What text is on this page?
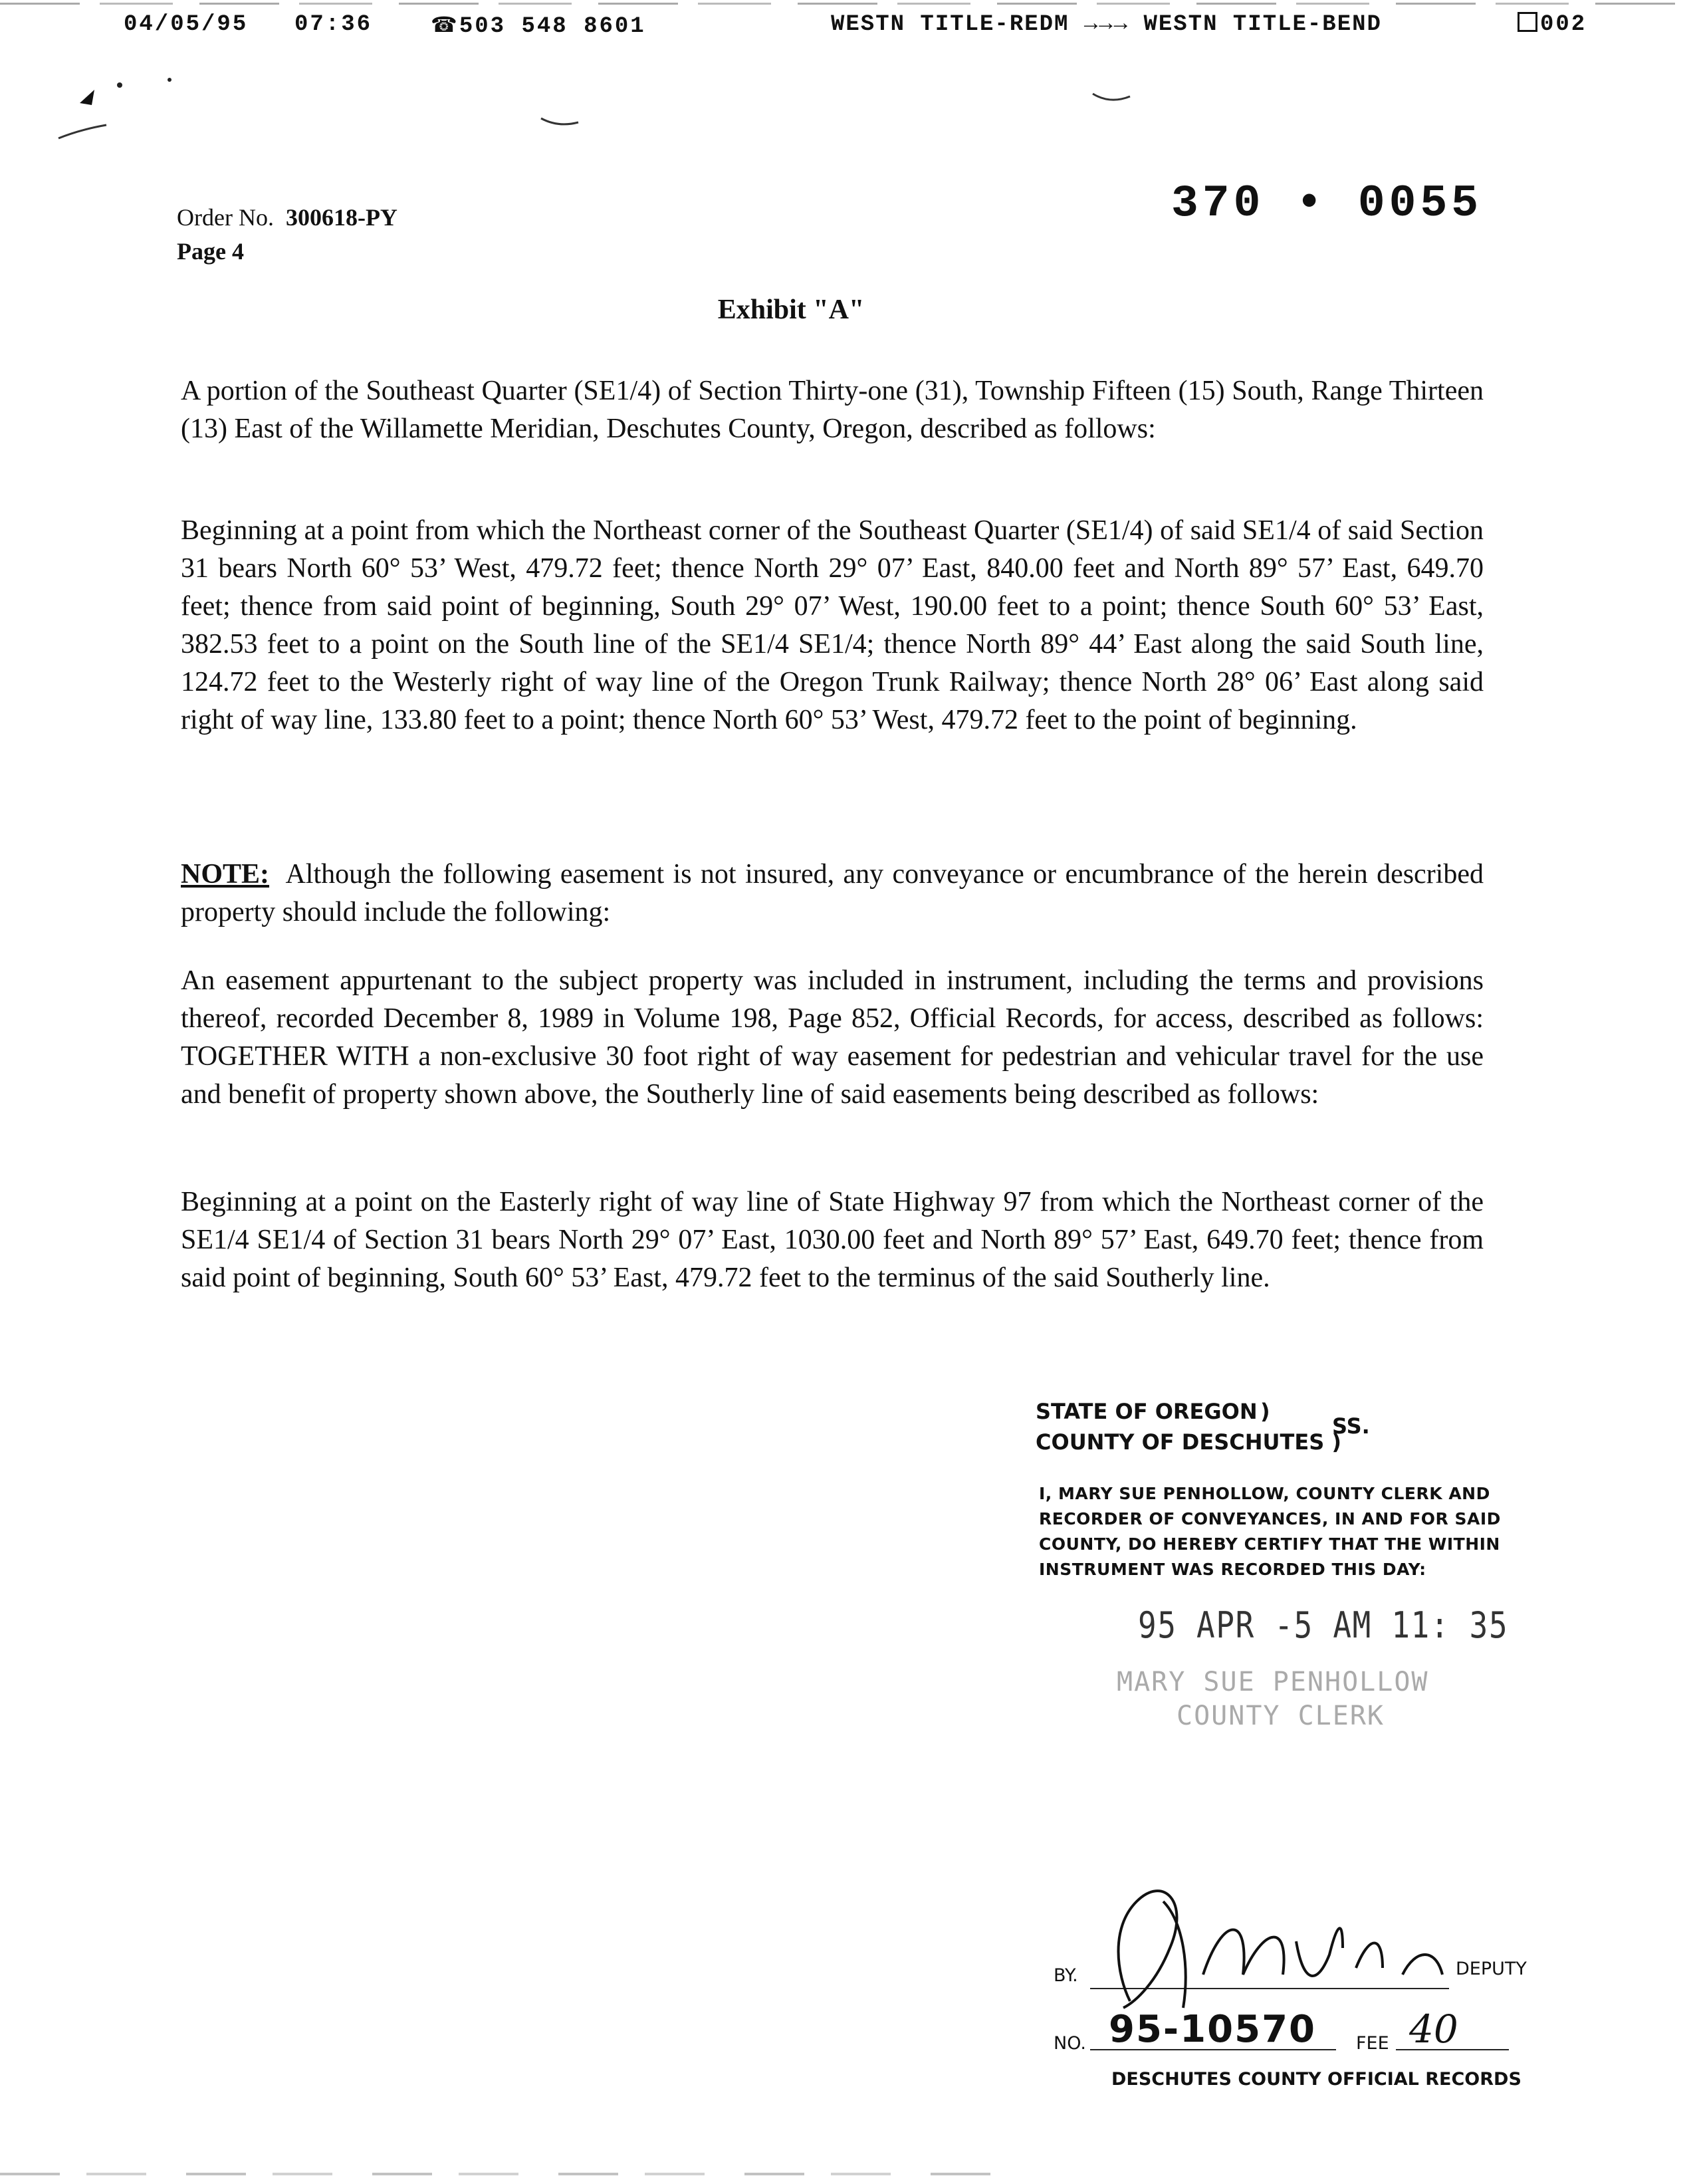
04/05/95 07:36	☎503 548 8601	WESTN TITLE-REDM →→→ WESTN TITLE-BEND	002
Order No. 300618-PY
Page 4
370 • 0055
Exhibit "A"
A portion of the Southeast Quarter (SE1/4) of Section Thirty-one (31), Township Fifteen (15) South, Range Thirteen (13) East of the Willamette Meridian, Deschutes County, Oregon, described as follows:
Beginning at a point from which the Northeast corner of the Southeast Quarter (SE1/4) of said SE1/4 of said Section 31 bears North 60° 53’ West, 479.72 feet; thence North 29° 07’ East, 840.00 feet and North 89° 57’ East, 649.70 feet; thence from said point of beginning, South 29° 07’ West, 190.00 feet to a point; thence South 60° 53’ East, 382.53 feet to a point on the South line of the SE1/4 SE1/4; thence North 89° 44’ East along the said South line, 124.72 feet to the Westerly right of way line of the Oregon Trunk Railway; thence North 28° 06’ East along said right of way line, 133.80 feet to a point; thence North 60° 53’ West, 479.72 feet to the point of beginning.
NOTE: Although the following easement is not insured, any conveyance or encumbrance of the herein described property should include the following:
An easement appurtenant to the subject property was included in instrument, including the terms and provisions thereof, recorded December 8, 1989 in Volume 198, Page 852, Official Records, for access, described as follows: TOGETHER WITH a non-exclusive 30 foot right of way easement for pedestrian and vehicular travel for the use and benefit of property shown above, the Southerly line of said easements being described as follows:
Beginning at a point on the Easterly right of way line of State Highway 97 from which the Northeast corner of the SE1/4 SE1/4 of Section 31 bears North 29° 07’ East, 1030.00 feet and North 89° 57’ East, 649.70 feet; thence from said point of beginning, South 60° 53’ East, 479.72 feet to the terminus of the said Southerly line.
STATE OF OREGON )
COUNTY OF DESCHUTES )
SS.
I, MARY SUE PENHOLLOW, COUNTY CLERK AND
RECORDER OF CONVEYANCES, IN AND FOR SAID
COUNTY, DO HEREBY CERTIFY THAT THE WITHIN
INSTRUMENT WAS RECORDED THIS DAY:
95 APR -5 AM 11: 35
MARY SUE PENHOLLOW
COUNTY CLERK
BY.	DEPUTY
NO. 95-10570 FEE 40
DESCHUTES COUNTY OFFICIAL RECORDS
